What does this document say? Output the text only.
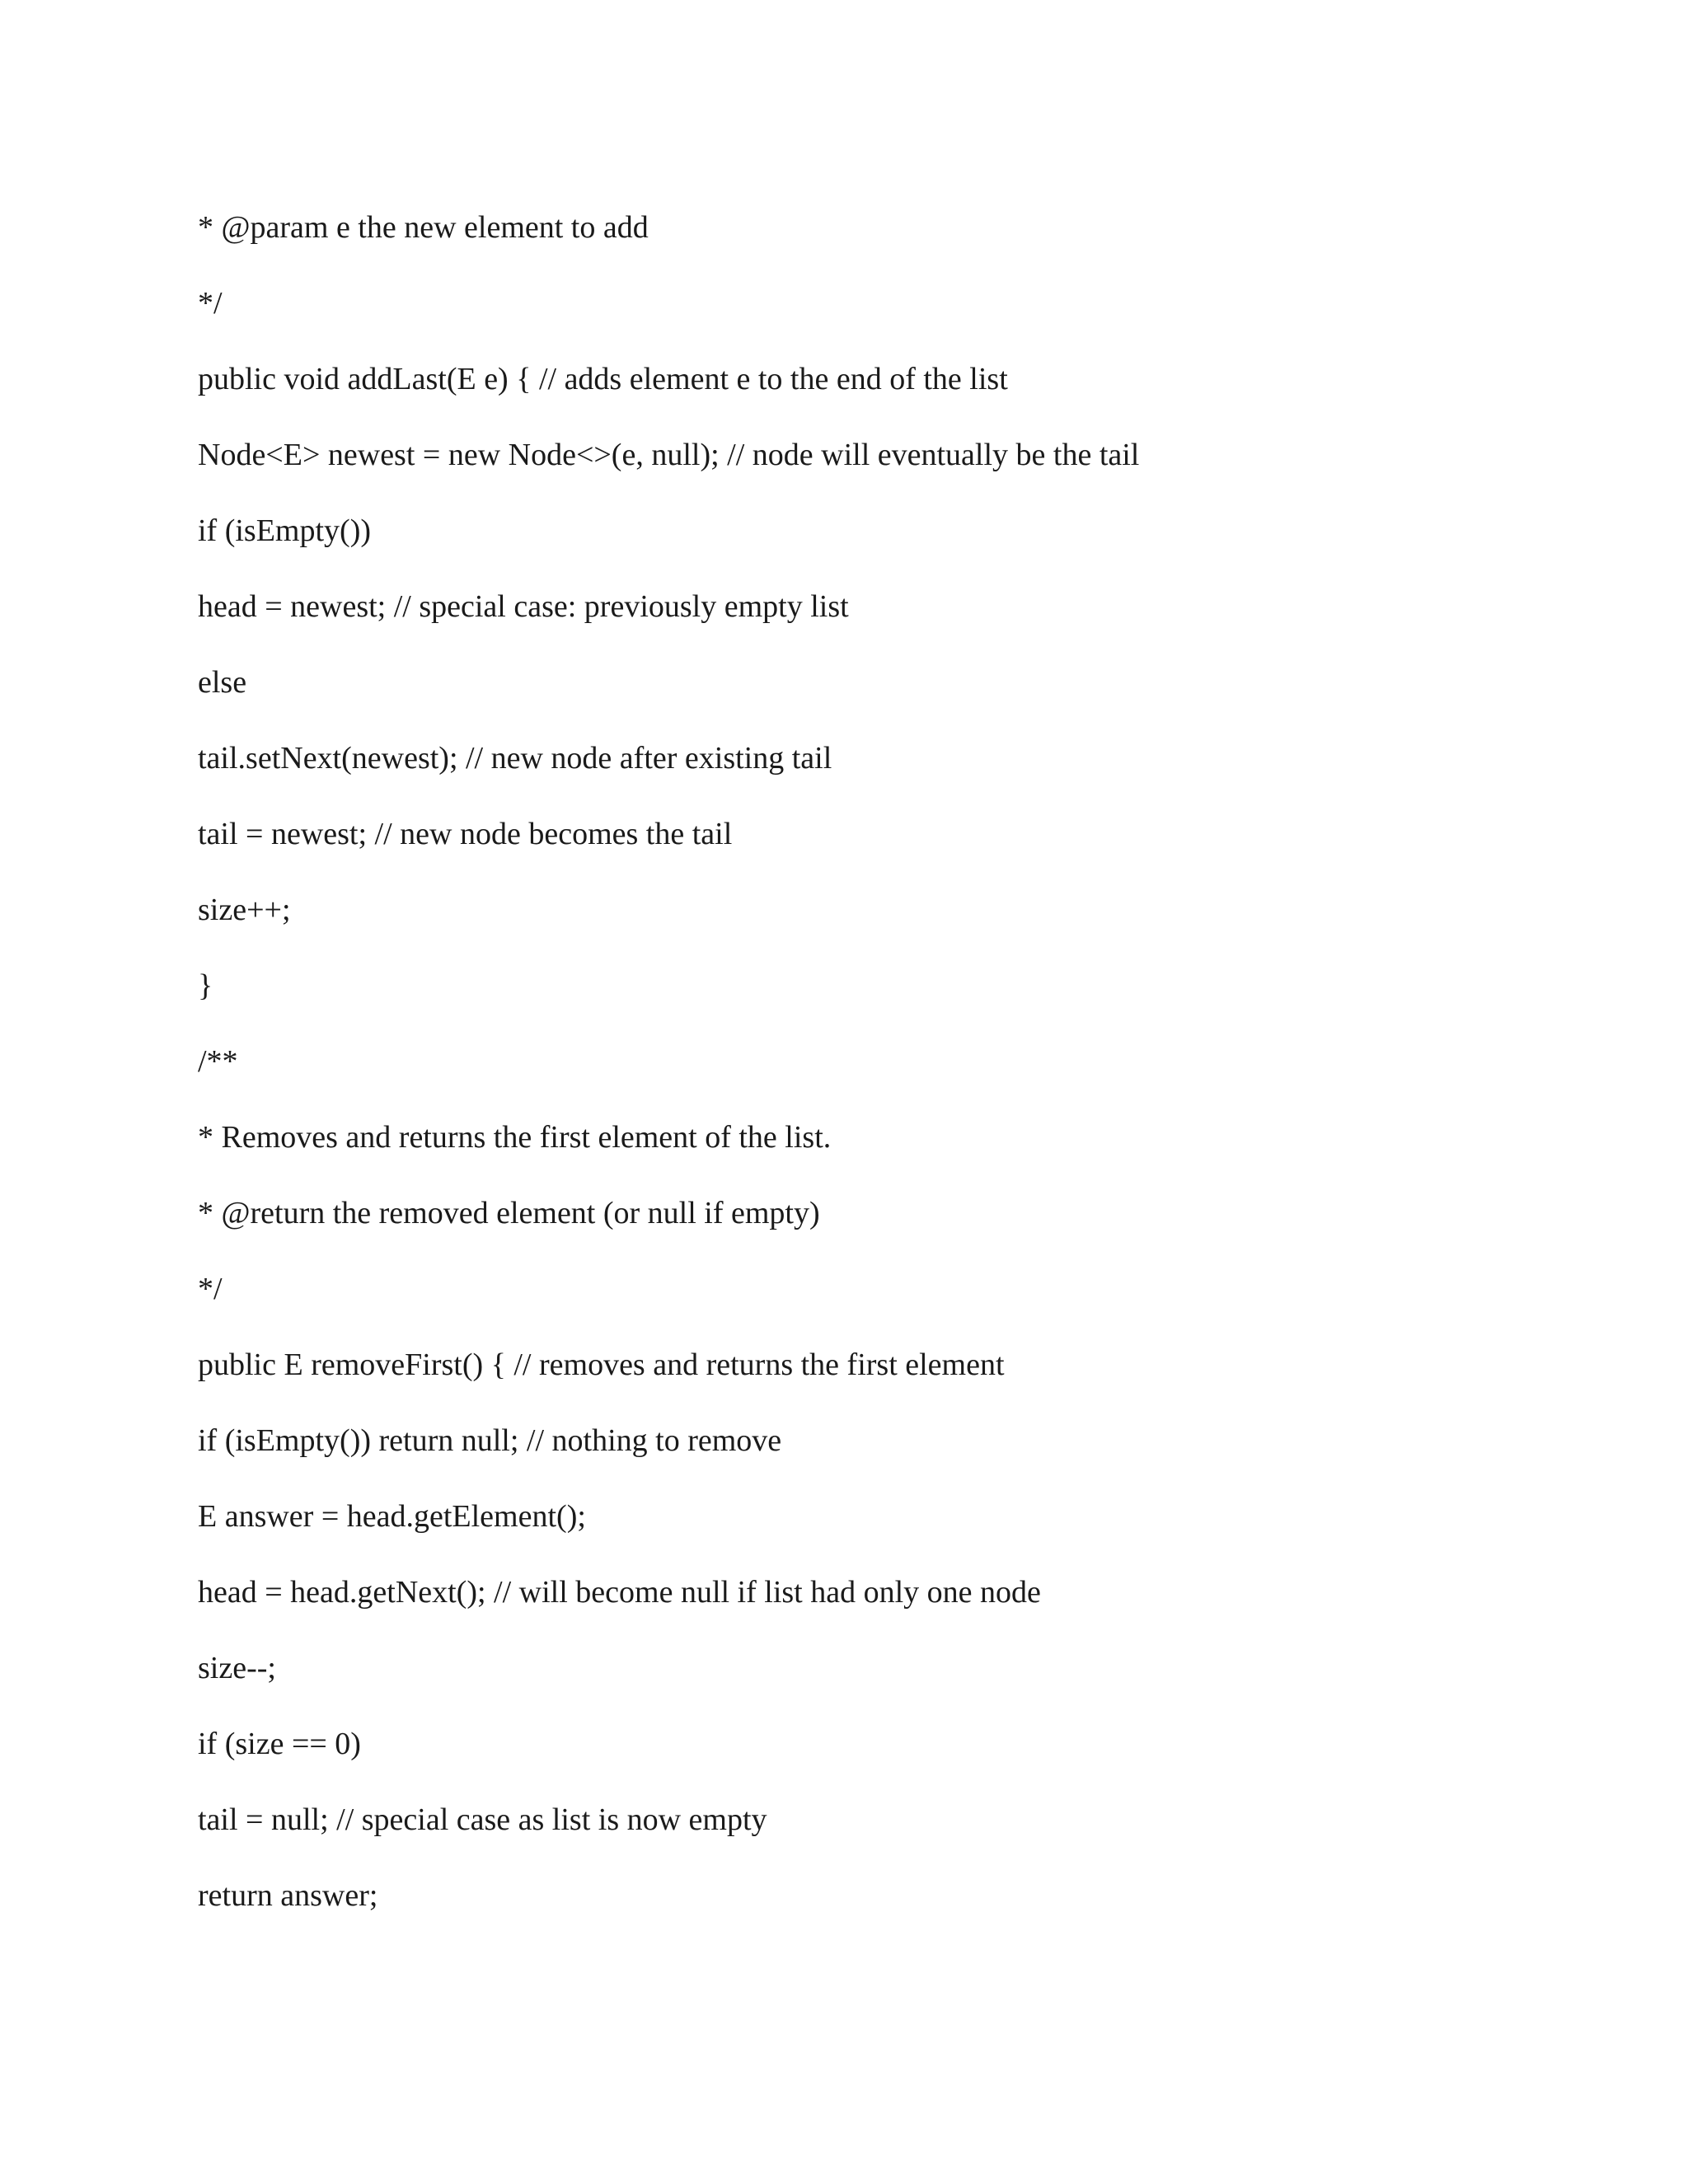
* @param e the new element to add
*/
public void addLast(E e) { // adds element e to the end of the list
Node<E> newest = new Node<>(e, null); // node will eventually be the tail
if (isEmpty())
head = newest; // special case: previously empty list
else
tail.setNext(newest); // new node after existing tail
tail = newest; // new node becomes the tail
size++;
}
/**
* Removes and returns the first element of the list.
* @return the removed element (or null if empty)
*/
public E removeFirst() { // removes and returns the first element
if (isEmpty()) return null; // nothing to remove
E answer = head.getElement();
head = head.getNext(); // will become null if list had only one node
size--;
if (size == 0)
tail = null; // special case as list is now empty
return answer;
